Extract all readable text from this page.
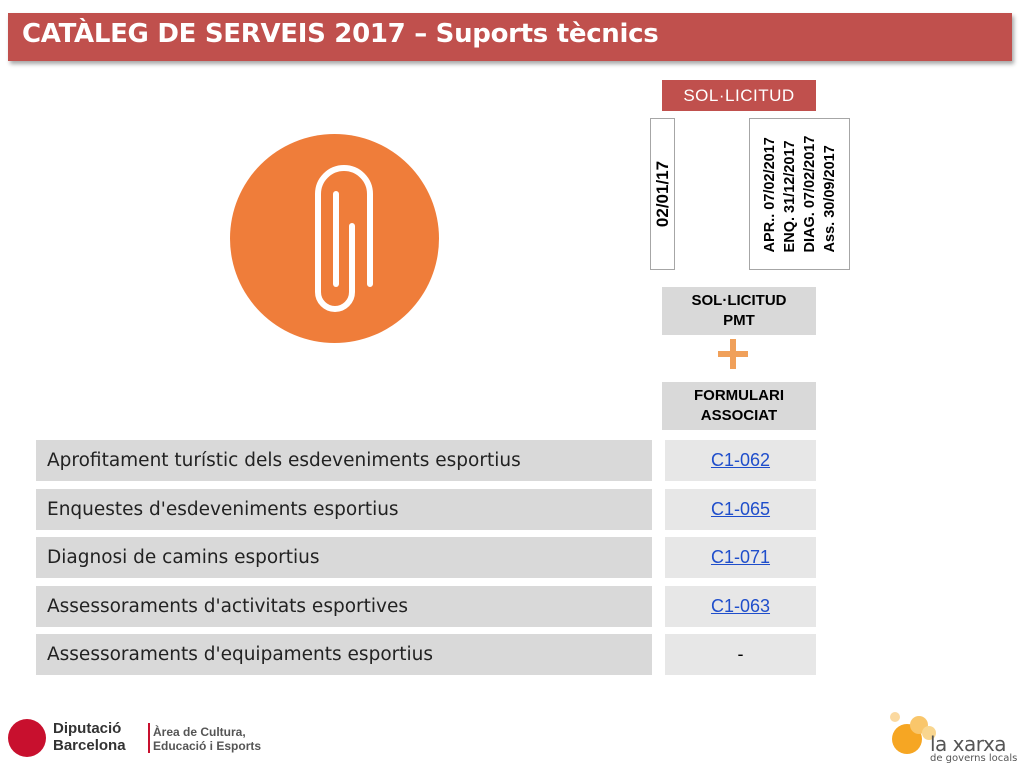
CATÀLEG DE SERVEIS 2017 – Suports tècnics
SOL·LICITUD
02/01/17	APR.. 07/02/2017 ENQ. 31/12/2017 DIAG. 07/02/2017 Ass. 30/09/2017
SOL·LICITUD
PMT
FORMULARI
ASSOCIAT
Aprofitament turístic dels esdeveniments esportius	C1-062
Enquestes d'esdeveniments esportius	C1-065
Diagnosi de camins esportius	C1-071
Assessoraments d'activitats esportives	C1-063
Assessoraments d'equipaments esportius	-
Diputació
Barcelona
Àrea de Cultura,
Educació i Esports	la xarxa
de governs locals
